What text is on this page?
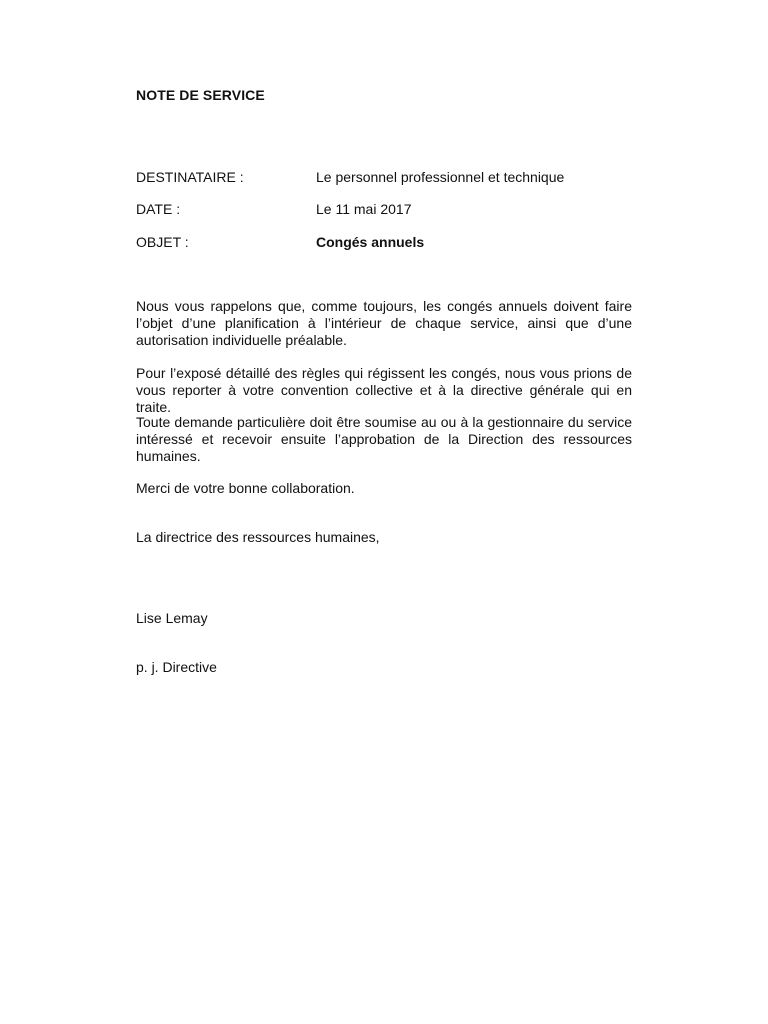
NOTE DE SERVICE
DESTINATAIRE :	Le personnel professionnel et technique
DATE :	Le 11 mai 2017
OBJET :	Congés annuels

Nous vous rappelons que, comme toujours, les congés annuels doivent faire l’objet d’une planification à l’intérieur de chaque service, ainsi que d’une autorisation individuelle préalable.

Pour l’exposé détaillé des règles qui régissent les congés, nous vous prions de vous reporter à votre convention collective et à la directive générale qui en traite.

Toute demande particulière doit être soumise au ou à la gestionnaire du service intéressé et recevoir ensuite l’approbation de la Direction des ressources humaines.

Merci de votre bonne collaboration.

La directrice des ressources humaines,
Lise Lemay
p. j. Directive
